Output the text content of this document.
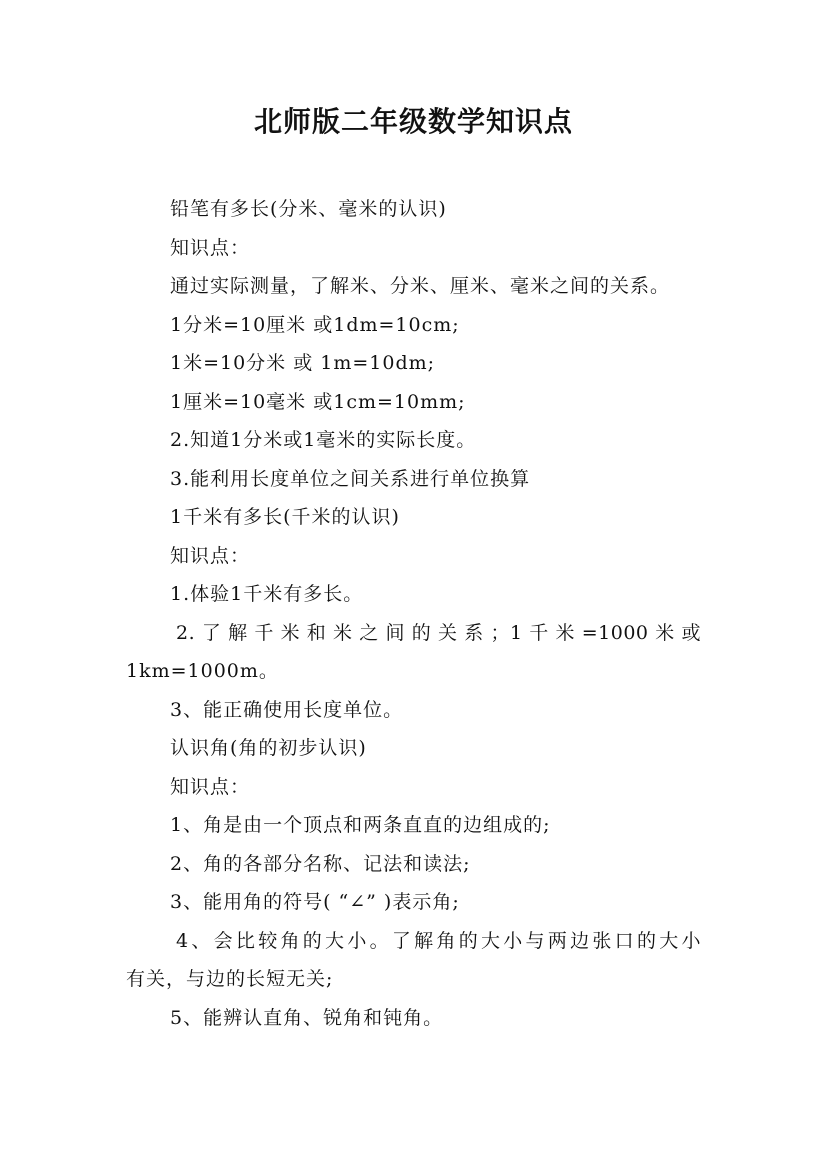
北师版二年级数学知识点
铅笔有多长(分米、毫米的认识)
知识点：
通过实际测量，了解米、分米、厘米、毫米之间的关系。
1分米=10厘米 或1dm=10cm;
1米=10分米 或 1m=10dm;
1厘米=10毫米 或1cm=10mm;
2.知道1分米或1毫米的实际长度。
3.能利用长度单位之间关系进行单位换算
1千米有多长(千米的认识)
知识点：
1.体验1千米有多长。
2.了解千米和米之间的关系；1千米=1000米或
1km=1000m。
3、能正确使用长度单位。
认识角(角的初步认识)
知识点：
1、角是由一个顶点和两条直直的边组成的;
2、角的各部分名称、记法和读法;
3、能用角的符号( “∠” )表示角;
4、会比较角的大小。了解角的大小与两边张口的大小
有关，与边的长短无关;
5、能辨认直角、锐角和钝角。
